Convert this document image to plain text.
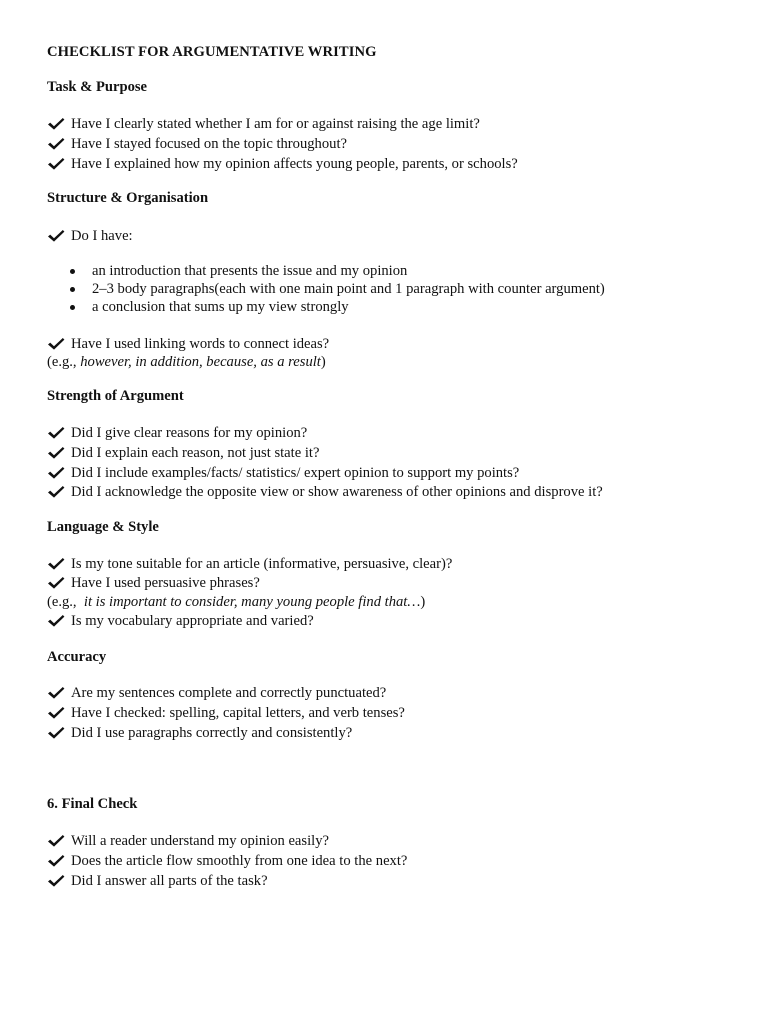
CHECKLIST FOR ARGUMENTATIVE WRITING
Task & Purpose
Have I clearly stated whether I am for or against raising the age limit?
Have I stayed focused on the topic throughout?
Have I explained how my opinion affects young people, parents, or schools?
Structure & Organisation
Do I have:
an introduction that presents the issue and my opinion
2–3 body paragraphs(each with one main point and 1 paragraph with counter argument)
a conclusion that sums up my view strongly
Have I used linking words to connect ideas?
(e.g., however, in addition, because, as a result)
Strength of Argument
Did I give clear reasons for my opinion?
Did I explain each reason, not just state it?
Did I include examples/facts/ statistics/ expert opinion to support my points?
Did I acknowledge the opposite view or show awareness of other opinions and disprove it?
Language & Style
Is my tone suitable for an article (informative, persuasive, clear)?
Have I used persuasive phrases?
(e.g.,  it is important to consider, many young people find that…)
Is my vocabulary appropriate and varied?
Accuracy
Are my sentences complete and correctly punctuated?
Have I checked: spelling, capital letters, and verb tenses?
Did I use paragraphs correctly and consistently?
6. Final Check
Will a reader understand my opinion easily?
Does the article flow smoothly from one idea to the next?
Did I answer all parts of the task?
